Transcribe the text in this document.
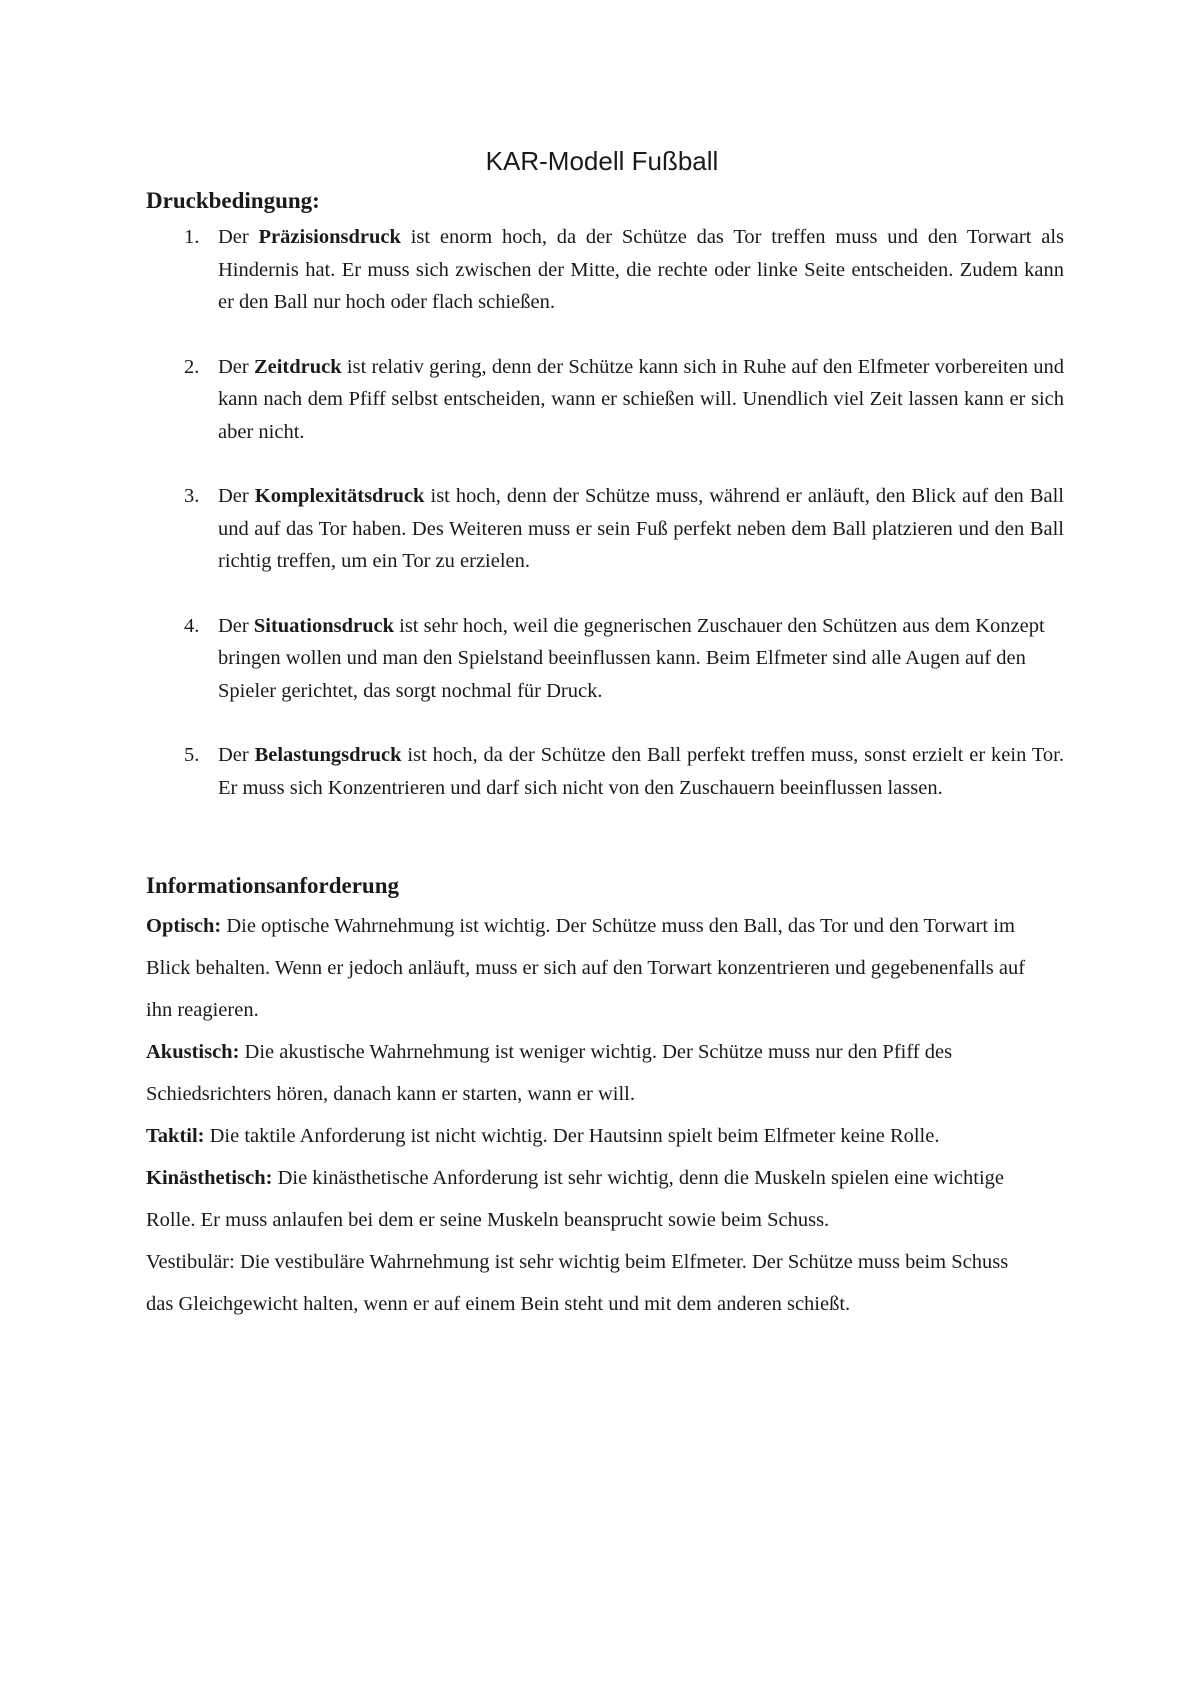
KAR-Modell Fußball
Druckbedingung:
1. Der Präzisionsdruck ist enorm hoch, da der Schütze das Tor treffen muss und den Torwart als Hindernis hat. Er muss sich zwischen der Mitte, die rechte oder linke Seite entscheiden. Zudem kann er den Ball nur hoch oder flach schießen.
2. Der Zeitdruck ist relativ gering, denn der Schütze kann sich in Ruhe auf den Elfmeter vorbereiten und kann nach dem Pfiff selbst entscheiden, wann er schießen will. Unendlich viel Zeit lassen kann er sich aber nicht.
3. Der Komplexitätsdruck ist hoch, denn der Schütze muss, während er anläuft, den Blick auf den Ball und auf das Tor haben. Des Weiteren muss er sein Fuß perfekt neben dem Ball platzieren und den Ball richtig treffen, um ein Tor zu erzielen.
4. Der Situationsdruck ist sehr hoch, weil die gegnerischen Zuschauer den Schützen aus dem Konzept bringen wollen und man den Spielstand beeinflussen kann. Beim Elfmeter sind alle Augen auf den Spieler gerichtet, das sorgt nochmal für Druck.
5. Der Belastungsdruck ist hoch, da der Schütze den Ball perfekt treffen muss, sonst erzielt er kein Tor. Er muss sich Konzentrieren und darf sich nicht von den Zuschauern beeinflussen lassen.
Informationsanforderung

Optisch: Die optische Wahrnehmung ist wichtig. Der Schütze muss den Ball, das Tor und den Torwart im Blick behalten. Wenn er jedoch anläuft, muss er sich auf den Torwart konzentrieren und gegebenenfalls auf ihn reagieren.

Akustisch: Die akustische Wahrnehmung ist weniger wichtig. Der Schütze muss nur den Pfiff des Schiedsrichters hören, danach kann er starten, wann er will.

Taktil: Die taktile Anforderung ist nicht wichtig. Der Hautsinn spielt beim Elfmeter keine Rolle.

Kinästhetisch: Die kinästhetische Anforderung ist sehr wichtig, denn die Muskeln spielen eine wichtige Rolle. Er muss anlaufen bei dem er seine Muskeln beansprucht sowie beim Schuss.

Vestibulär: Die vestibuläre Wahrnehmung ist sehr wichtig beim Elfmeter. Der Schütze muss beim Schuss das Gleichgewicht halten, wenn er auf einem Bein steht und mit dem anderen schießt.
